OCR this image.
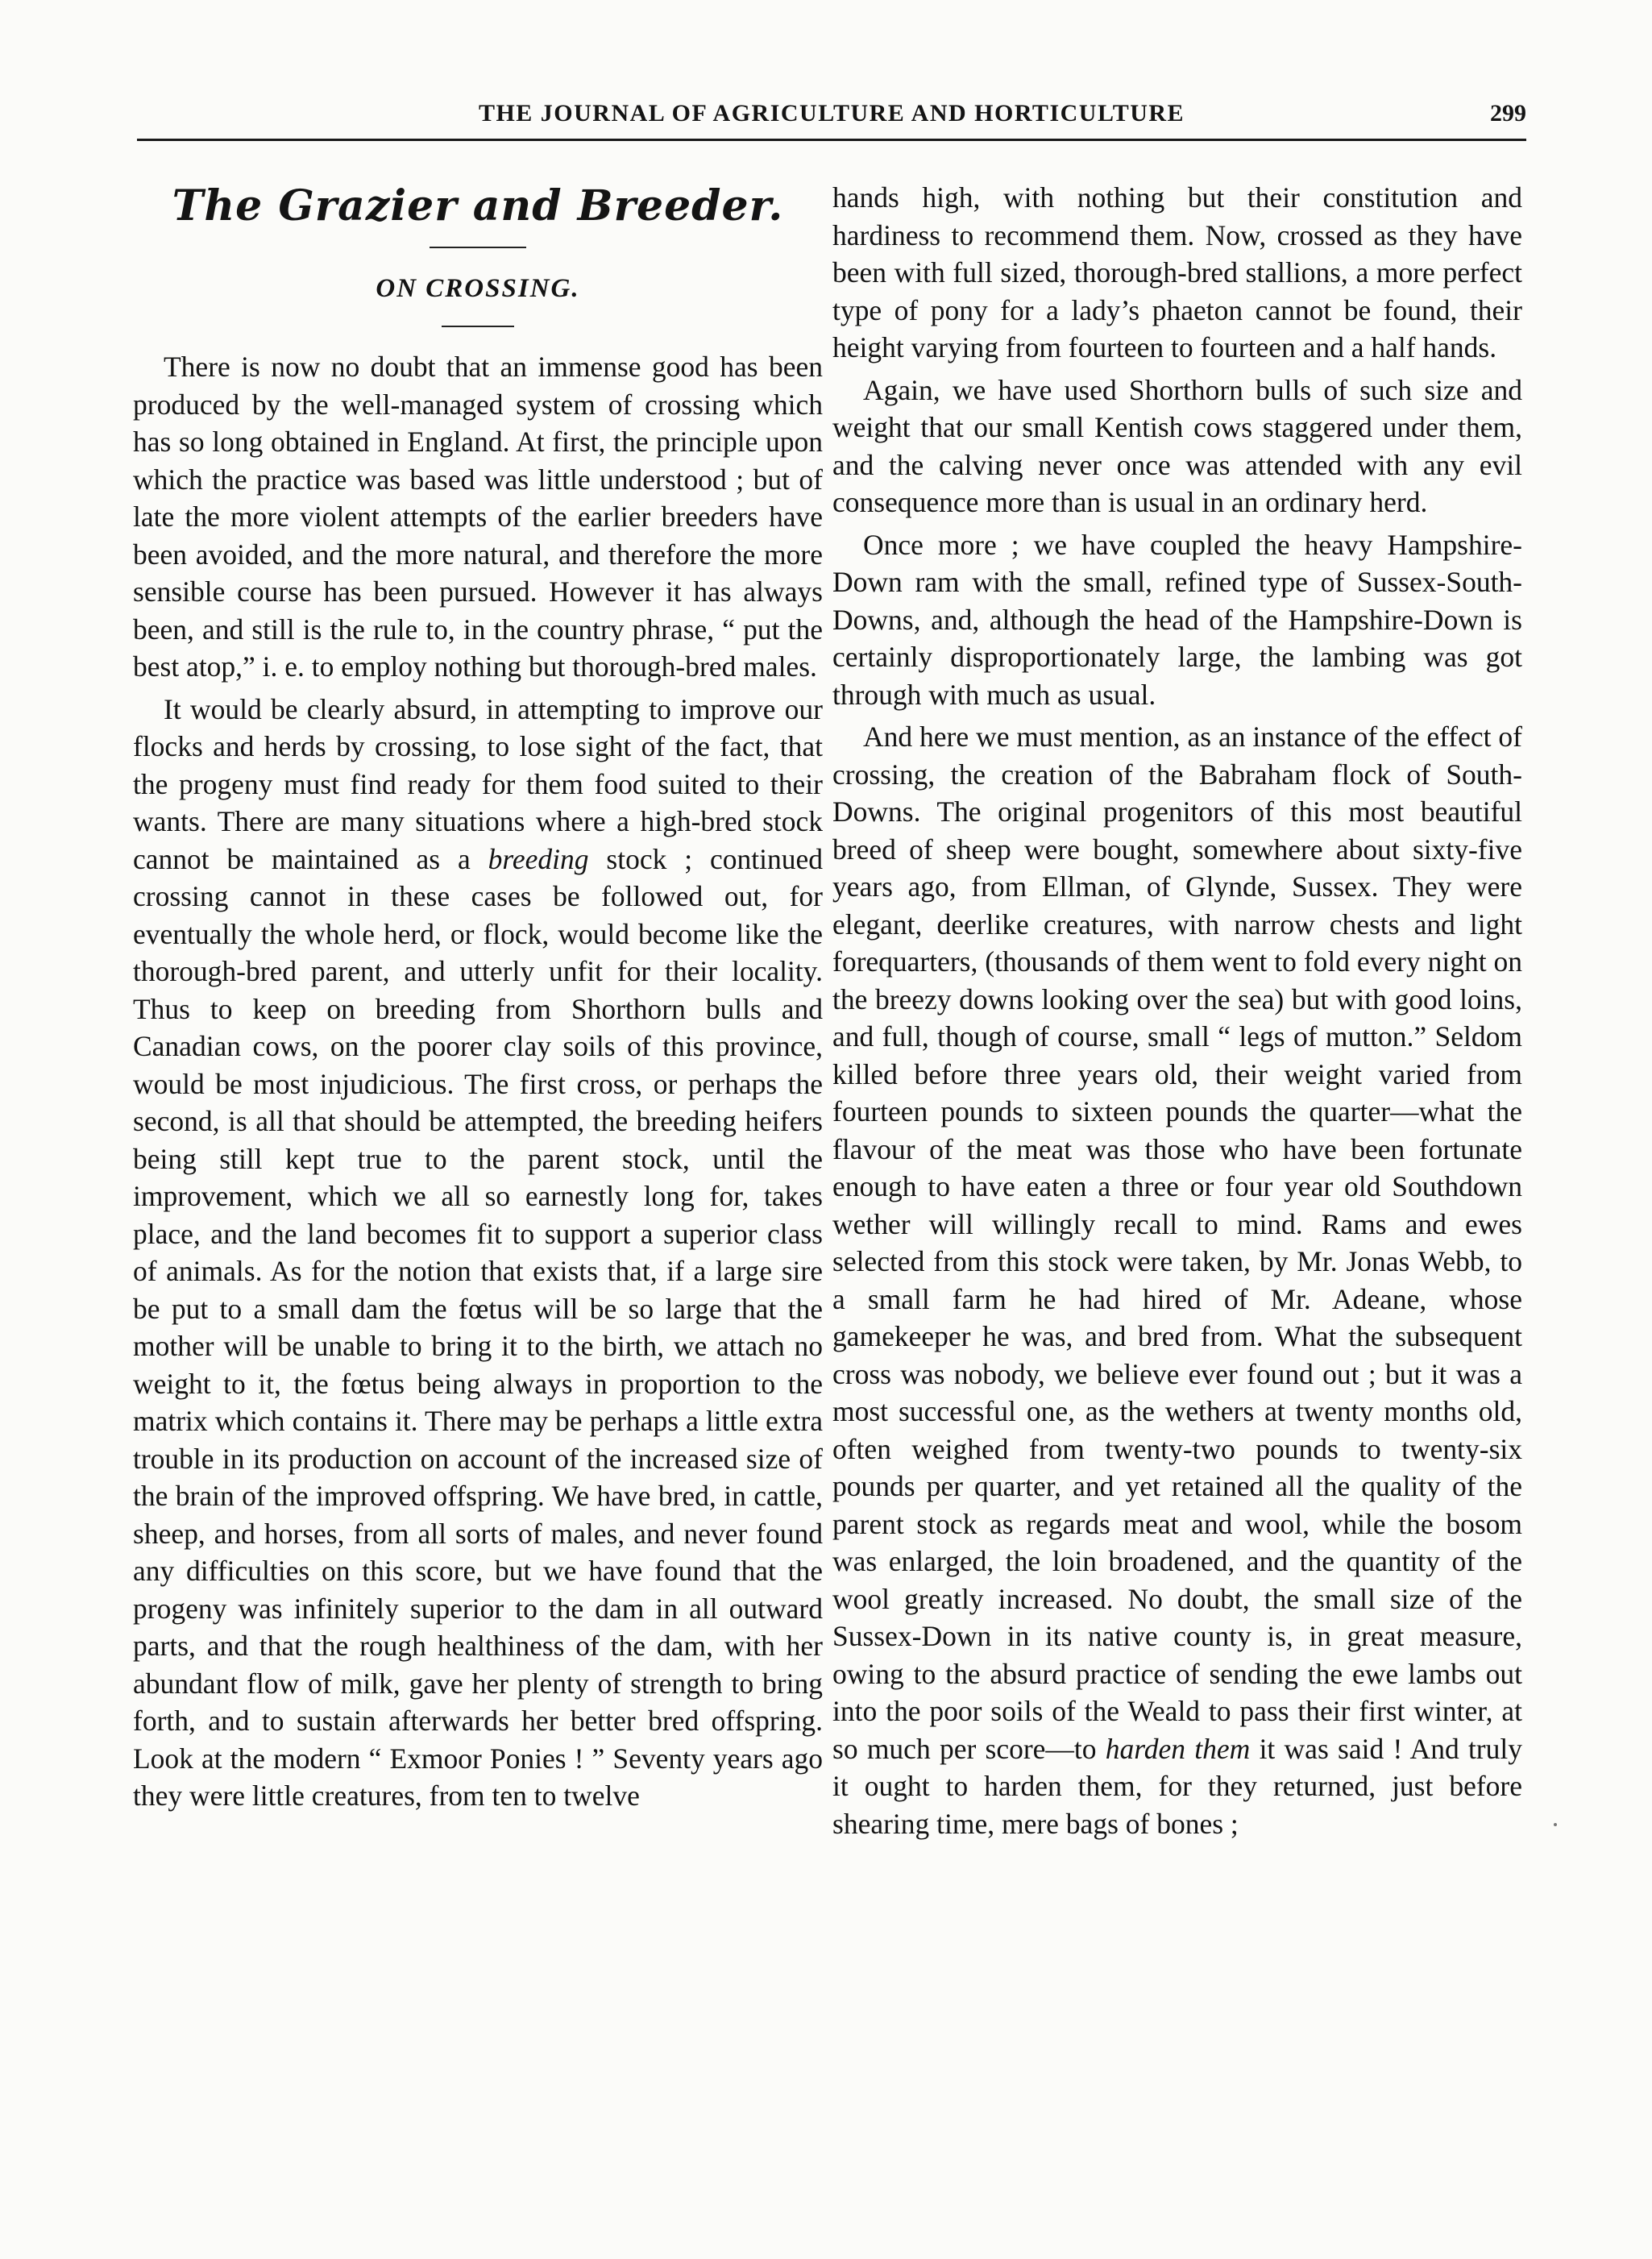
THE JOURNAL OF AGRICULTURE AND HORTICULTURE	299
The Grazier and Breeder.
ON CROSSING.

There is now no doubt that an immense good has been produced by the well-managed system of crossing which has so long obtained in England. At first, the principle upon which the practice was based was little understood ; but of late the more violent attempts of the earlier breeders have been avoided, and the more natural, and therefore the more sensible course has been pursued. However it has always been, and still is the rule to, in the country phrase, “ put the best atop,” i. e. to employ nothing but thorough-bred males.

It would be clearly absurd, in attempting to improve our flocks and herds by crossing, to lose sight of the fact, that the progeny must find ready for them food suited to their wants. There are many situations where a high-bred stock cannot be maintained as a breeding stock ; continued crossing cannot in these cases be followed out, for eventually the whole herd, or flock, would become like the thorough-bred parent, and utterly unfit for their locality. Thus to keep on breeding from Shorthorn bulls and Canadian cows, on the poorer clay soils of this province, would be most injudicious. The first cross, or perhaps the second, is all that should be attempted, the breeding heifers being still kept true to the parent stock, until the improvement, which we all so earnestly long for, takes place, and the land becomes fit to support a superior class of animals. As for the notion that exists that, if a large sire be put to a small dam the fœtus will be so large that the mother will be unable to bring it to the birth, we attach no weight to it, the fœtus being always in proportion to the matrix which contains it. There may be perhaps a little extra trouble in its production on account of the increased size of the brain of the improved offspring. We have bred, in cattle, sheep, and horses, from all sorts of males, and never found any difficulties on this score, but we have found that the progeny was infinitely superior to the dam in all outward parts, and that the rough healthiness of the dam, with her abundant flow of milk, gave her plenty of strength to bring forth, and to sustain afterwards her better bred offspring. Look at the modern “ Exmoor Ponies ! ” Seventy years ago they were little creatures, from ten to twelve

hands high, with nothing but their constitution and hardiness to recommend them. Now, crossed as they have been with full sized, thorough-bred stallions, a more perfect type of pony for a lady’s phaeton cannot be found, their height varying from fourteen to fourteen and a half hands.

Again, we have used Shorthorn bulls of such size and weight that our small Kentish cows staggered under them, and the calving never once was attended with any evil consequence more than is usual in an ordinary herd.

Once more ; we have coupled the heavy Hampshire-Down ram with the small, refined type of Sussex-South-Downs, and, although the head of the Hampshire-Down is certainly disproportionately large, the lambing was got through with much as usual.

And here we must mention, as an instance of the effect of crossing, the creation of the Babraham flock of South-Downs. The original progenitors of this most beautiful breed of sheep were bought, somewhere about sixty-five years ago, from Ellman, of Glynde, Sussex. They were elegant, deerlike creatures, with narrow chests and light forequarters, (thousands of them went to fold every night on the breezy downs looking over the sea) but with good loins, and full, though of course, small “ legs of mutton.” Seldom killed before three years old, their weight varied from fourteen pounds to sixteen pounds the quarter—what the flavour of the meat was those who have been fortunate enough to have eaten a three or four year old Southdown wether will willingly recall to mind. Rams and ewes selected from this stock were taken, by Mr. Jonas Webb, to a small farm he had hired of Mr. Adeane, whose gamekeeper he was, and bred from. What the subsequent cross was nobody, we believe ever found out ; but it was a most successful one, as the wethers at twenty months old, often weighed from twenty-two pounds to twenty-six pounds per quarter, and yet retained all the quality of the parent stock as regards meat and wool, while the bosom was enlarged, the loin broadened, and the quantity of the wool greatly increased. No doubt, the small size of the Sussex-Down in its native county is, in great measure, owing to the absurd practice of sending the ewe lambs out into the poor soils of the Weald to pass their first winter, at so much per score—to harden them it was said ! And truly it ought to harden them, for they returned, just before shearing time, mere bags of bones ;
